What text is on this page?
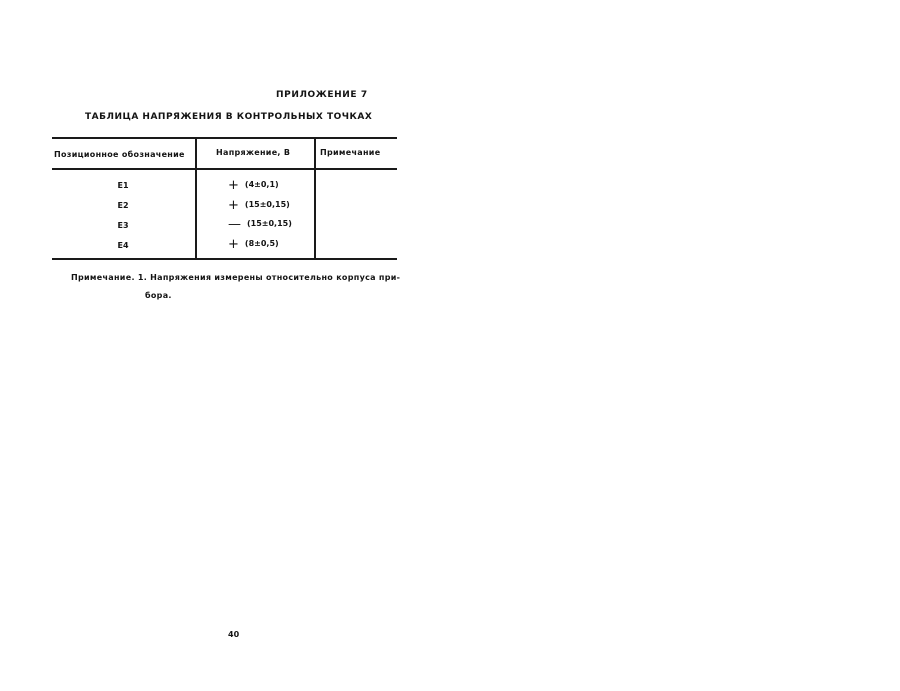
ПРИЛОЖЕНИЕ 7
ТАБЛИЦА НАПРЯЖЕНИЯ В КОНТРОЛЬНЫХ ТОЧКАХ
Позиционное обозначение	Напряжение, В	Примечание
E1	+ (4±0,1)
E2	+ (15±0,15)
E3	— (15±0,15)
E4	+ (8±0,5)
Примечание. 1. Напряжения измерены относительно корпуса при-
бора.
40
